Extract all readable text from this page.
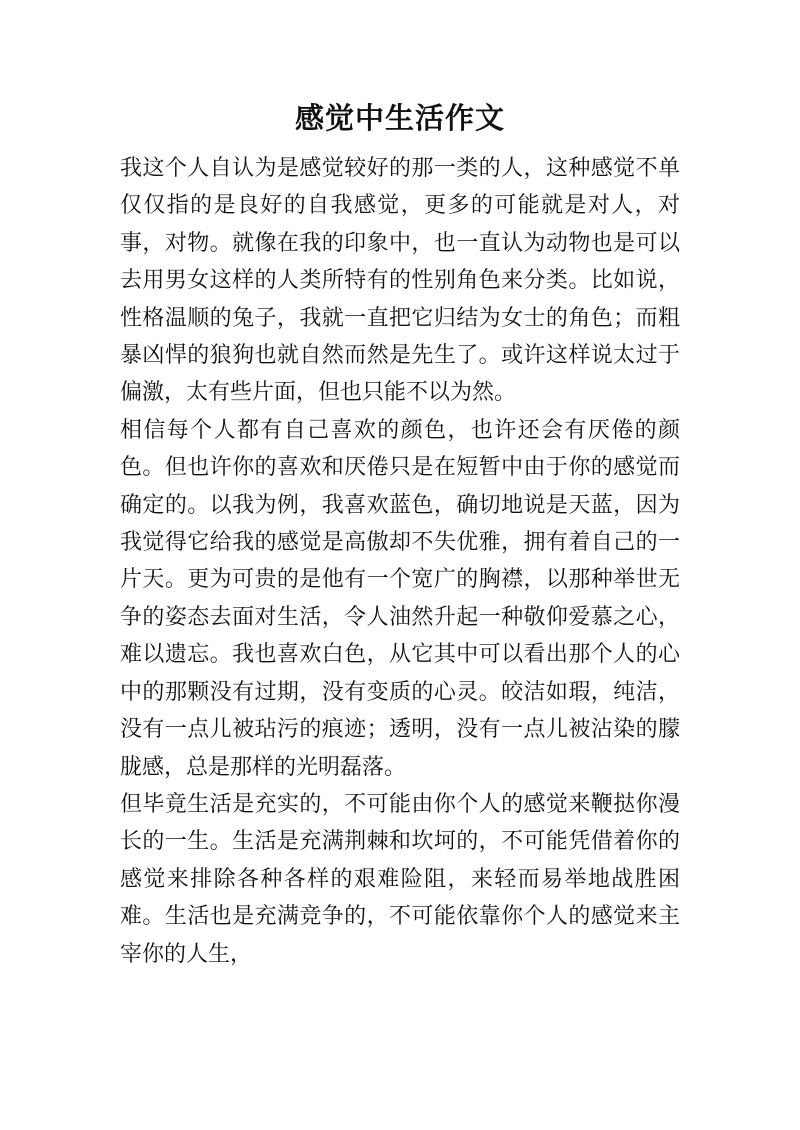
感觉中生活作文

我这个人自认为是感觉较好的那一类的人，这种感觉不单仅仅指的是良好的自我感觉，更多的可能就是对人，对事，对物。就像在我的印象中，也一直认为动物也是可以去用男女这样的人类所特有的性别角色来分类。比如说，性格温顺的兔子，我就一直把它归结为女士的角色；而粗暴凶悍的狼狗也就自然而然是先生了。或许这样说太过于偏激，太有些片面，但也只能不以为然。

相信每个人都有自己喜欢的颜色，也许还会有厌倦的颜色。但也许你的喜欢和厌倦只是在短暂中由于你的感觉而确定的。以我为例，我喜欢蓝色，确切地说是天蓝，因为我觉得它给我的感觉是高傲却不失优雅，拥有着自己的一片天。更为可贵的是他有一个宽广的胸襟，以那种举世无争的姿态去面对生活，令人油然升起一种敬仰爱慕之心，难以遗忘。我也喜欢白色，从它其中可以看出那个人的心中的那颗没有过期，没有变质的心灵。皎洁如瑕，纯洁，没有一点儿被玷污的痕迹；透明，没有一点儿被沾染的朦胧感，总是那样的光明磊落。

但毕竟生活是充实的，不可能由你个人的感觉来鞭挞你漫长的一生。生活是充满荆棘和坎坷的，不可能凭借着你的感觉来排除各种各样的艰难险阻，来轻而易举地战胜困难。生活也是充满竞争的，不可能依靠你个人的感觉来主宰你的人生，
